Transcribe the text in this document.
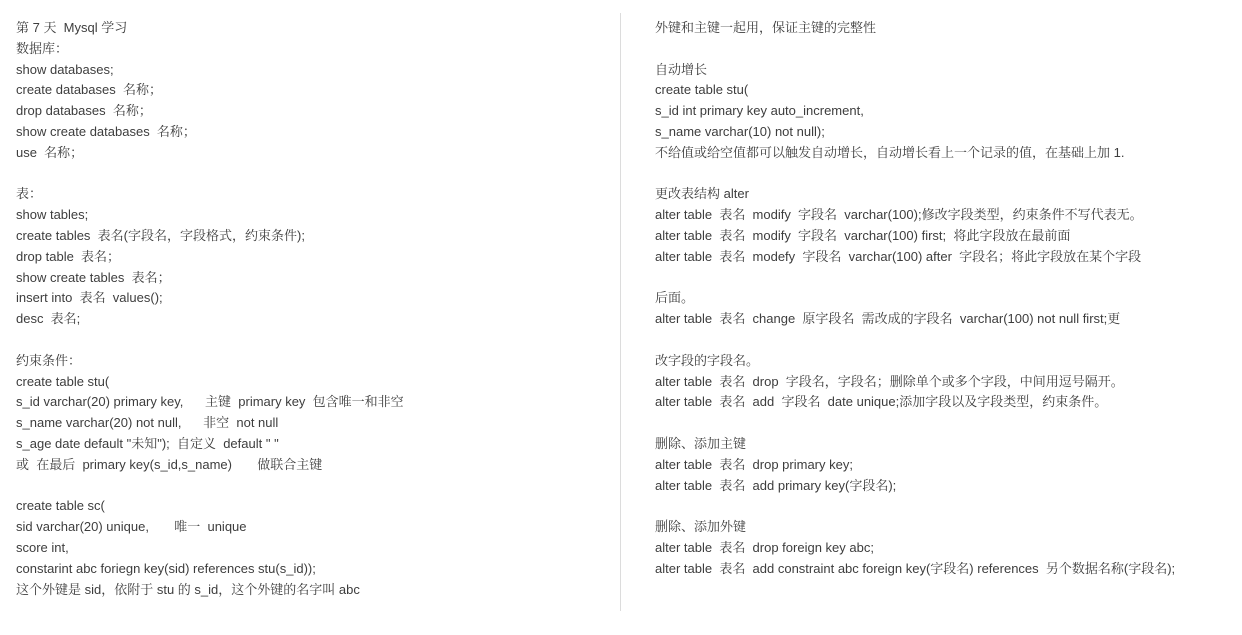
第 7 天  Mysql 学习
数据库：
show databases;
create databases  名称；
drop databases  名称；
show create databases  名称；
use  名称；
表：
show tables;
create tables  表名(字段名，字段格式，约束条件);
drop table  表名；
show create tables  表名；
insert into  表名  values();
desc  表名;
约束条件：
create table stu(
s_id varchar(20) primary key,      主键  primary key  包含唯一和非空
s_name varchar(20) not null,      非空  not null
s_age date default "未知");  自定义  default " "
或  在最后  primary key(s_id,s_name)       做联合主键
create table sc(
sid varchar(20) unique,       唯一  unique
score int,
constarint abc foriegn key(sid) references stu(s_id));
这个外键是 sid，依附于 stu 的 s_id，这个外键的名字叫 abc
外键和主键一起用，保证主键的完整性
自动增长
create table stu(
s_id int primary key auto_increment,
s_name varchar(10) not null);
不给值或给空值都可以触发自动增长，自动增长看上一个记录的值，在基础上加 1.
更改表结构 alter
alter table  表名  modify  字段名  varchar(100);修改字段类型，约束条件不写代表无。
alter table  表名  modify  字段名  varchar(100) first;  将此字段放在最前面
alter table  表名  modefy  字段名  varchar(100) after  字段名；将此字段放在某个字段
后面。
alter table  表名  change  原字段名  需改成的字段名  varchar(100) not null first;更
改字段的字段名。
alter table  表名  drop  字段名，字段名；删除单个或多个字段，中间用逗号隔开。
alter table  表名  add  字段名  date unique;添加字段以及字段类型，约束条件。
删除、添加主键
alter table  表名  drop primary key;
alter table  表名  add primary key(字段名);
删除、添加外键
alter table  表名  drop foreign key abc;
alter table  表名  add constraint abc foreign key(字段名) references  另个数据名称(字段名);
